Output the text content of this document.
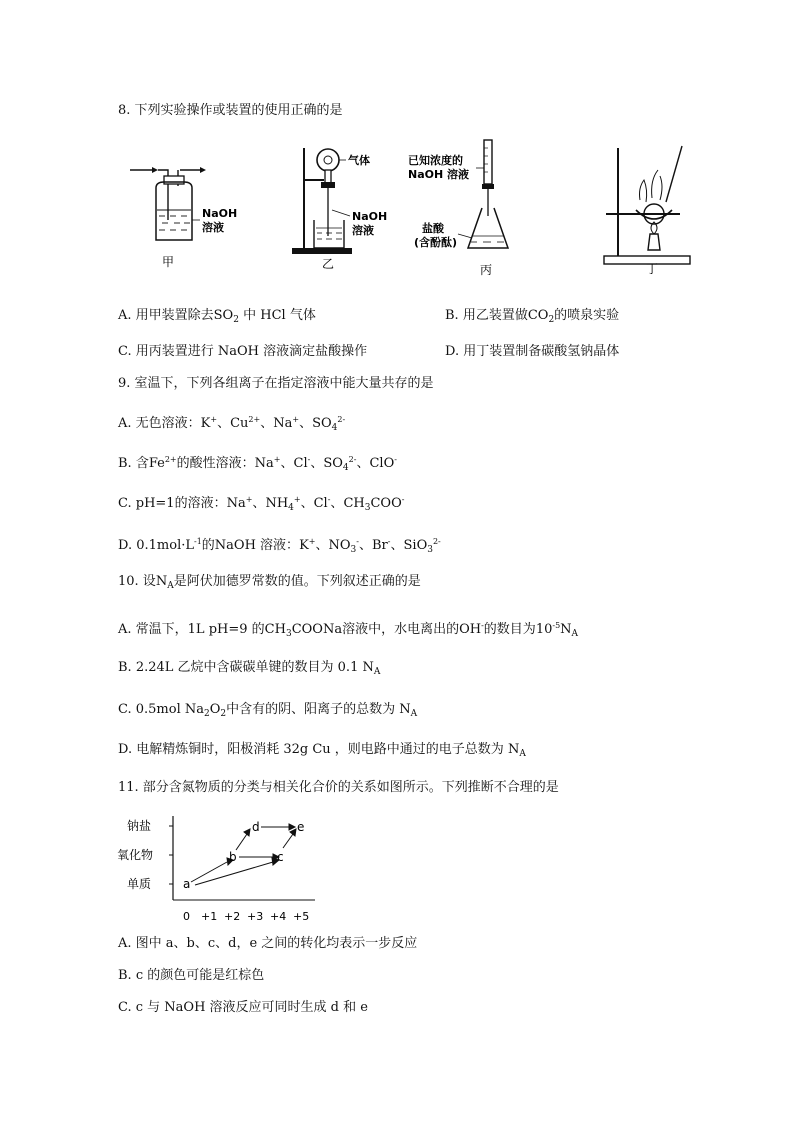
8. 下列实验操作或装置的使用正确的是
NaOH
溶液
甲
气体
NaOH
溶液
乙
已知浓度的
NaOH 溶液
盐酸
(含酚酞)
丙	丁
A. 用甲装置除去$SO_2$ 中 HCl 气体	B. 用乙装置做$CO_2$的喷泉实验
C. 用丙装置进行 NaOH 溶液滴定盐酸操作	D. 用丁装置制备碳酸氢钠晶体
9. 室温下，下列各组离子在指定溶液中能大量共存的是
A. 无色溶液：K+、$Cu^{2+}$、Na+、$SO_4^{2-}$
B. 含$Fe^{2+}$的酸性溶液：Na+、Cl-、$SO_4^{2-}$、ClO-
C. pH=1的溶液：Na+、$NH_4^+$、Cl-、$CH_3COO^-$
D. $0.1mol\cdot L^{-1}$的NaOH 溶液：K+、$NO_3^-$、Br-、SiO$_3^{2-}$
10. 设$N_A$是阿伏加德罗常数的值。下列叙述正确的是
A. 常温下，1L pH=9 的$CH_3COONa$溶液中，水电离出的OH-的数目为$10^{-5}N_A$
B. 2.24L 乙烷中含碳碳单键的数目为 0.1 $N_A$
C. 0.5mol $Na_2O_2$中含有的阴、阳离子的总数为 $N_A$
D. 电解精炼铜时，阳极消耗 32g Cu ，则电路中通过的电子总数为 $N_A$
11. 部分含氮物质的分类与相关化合价的关系如图所示。下列推断不合理的是
钠盐
氧化物
单质
0 +1 +2 +3 +4 +5
a
b	c
d	e
A. 图中 a、b、c、d，e 之间的转化均表示一步反应
B. c 的颜色可能是红棕色
C. c 与 NaOH 溶液反应可同时生成 d 和 e
